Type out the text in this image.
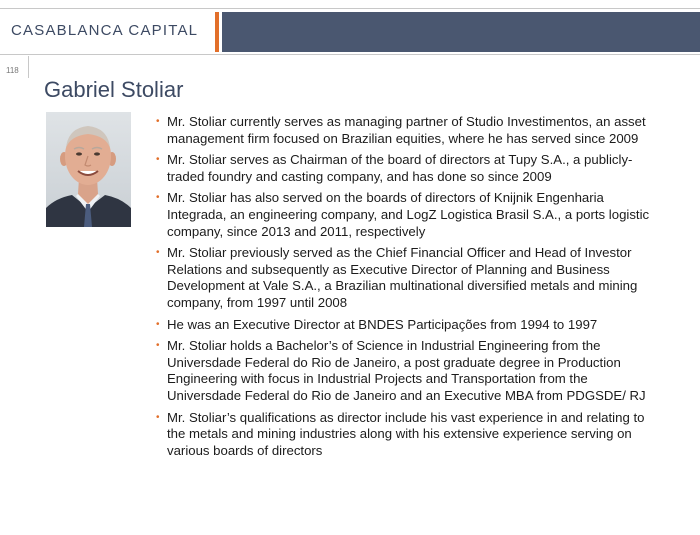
CASABLANCA CAPITAL
118
Gabriel Stoliar
• Mr. Stoliar currently serves as managing partner of Studio Investimentos, an asset management firm focused on Brazilian equities, where he has served since 2009
• Mr. Stoliar serves as Chairman of the board of directors at Tupy S.A., a publicly-traded foundry and casting company, and has done so since 2009
• Mr. Stoliar has also served on the boards of directors of Knijnik Engenharia Integrada, an engineering company, and LogZ Logistica Brasil S.A., a ports logistic company, since 2013 and 2011, respectively
• Mr. Stoliar previously served as the Chief Financial Officer and Head of Investor Relations and subsequently as Executive Director of Planning and Business Development at Vale S.A., a Brazilian multinational diversified metals and mining company, from 1997 until 2008
• He was an Executive Director at BNDES Participações from 1994 to 1997
• Mr. Stoliar holds a Bachelor’s of Science in Industrial Engineering from the Universdade Federal do Rio de Janeiro, a post graduate degree in Production Engineering with focus in Industrial Projects and Transportation from the Universdade Federal do Rio de Janeiro and an Executive MBA from PDGSDE/ RJ
• Mr. Stoliar’s qualifications as director include his vast experience in and relating to the metals and mining industries along with his extensive experience serving on various boards of directors
